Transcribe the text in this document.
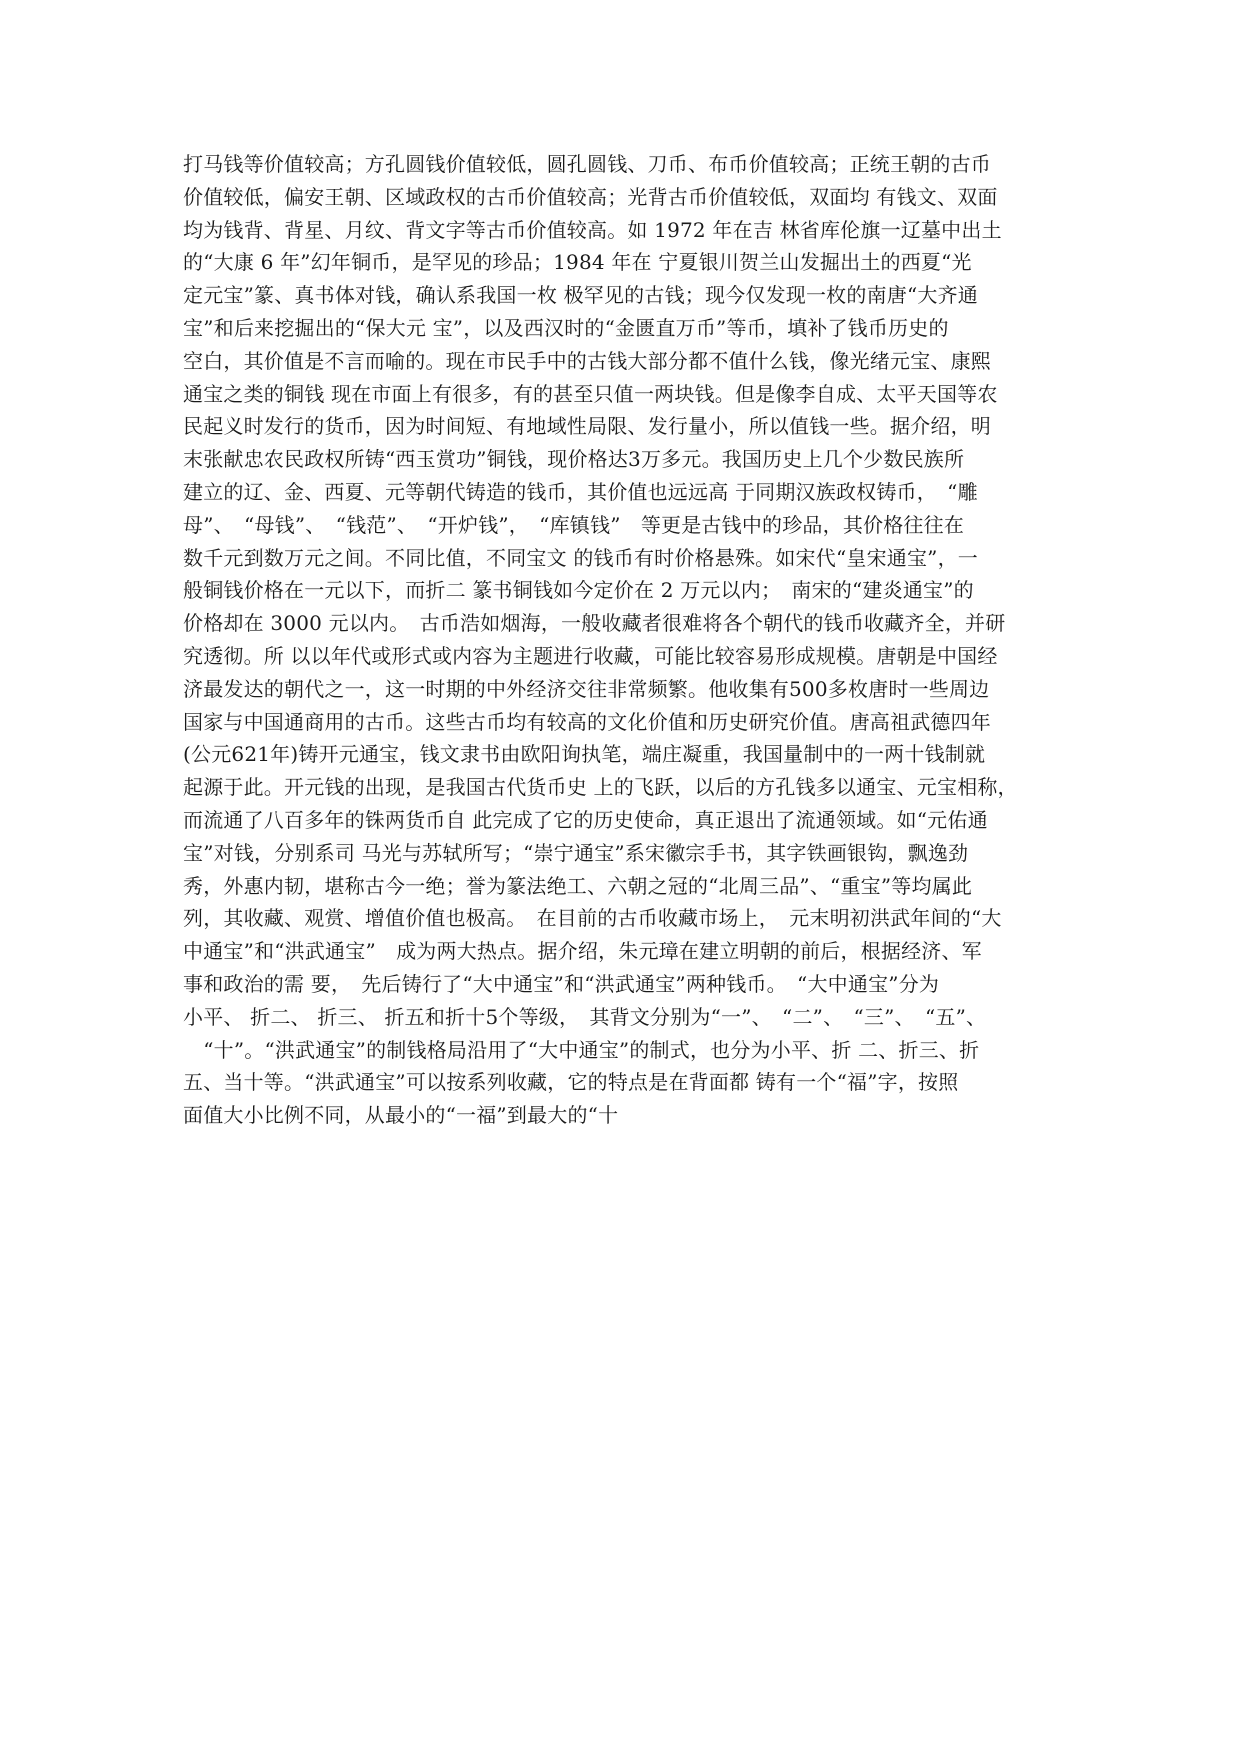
打马钱等价值较高；方孔圆钱价值较低，圆孔圆钱、刀币、布币价值较高；正统王朝的古币
价值较低，偏安王朝、区域政权的古币价值较高；光背古币价值较低，双面均 有钱文、双面
均为钱背、背星、月纹、背文字等古币价值较高。如 1972 年在吉 林省库伦旗一辽墓中出土
的“大康 6 年”幻年铜币，是罕见的珍品；1984 年在 宁夏银川贺兰山发掘出土的西夏“光
定元宝”篆、真书体对钱，确认系我国一枚 极罕见的古钱；现今仅发现一枚的南唐“大齐通
宝”和后来挖掘出的“保大元 宝”，以及西汉时的“金匮直万币”等币，填补了钱币历史的
空白，其价值是不言而喻的。现在市民手中的古钱大部分都不值什么钱，像光绪元宝、康熙
通宝之类的铜钱 现在市面上有很多，有的甚至只值一两块钱。但是像李自成、太平天国等农
民起义时发行的货币，因为时间短、有地域性局限、发行量小，所以值钱一些。据介绍，明
末张献忠农民政权所铸“西玉赏功”铜钱，现价格达3万多元。我国历史上几个少数民族所
建立的辽、金、西夏、元等朝代铸造的钱币，其价值也远远高 于同期汉族政权铸币，　“雕
母”、　“母钱”、　“钱范”、　“开炉钱”，　“库镇钱”　等更是古钱中的珍品，其价格往往在
数千元到数万元之间。不同比值，不同宝文 的钱币有时价格悬殊。如宋代“皇宋通宝”，一
般铜钱价格在一元以下，而折二 篆书铜钱如今定价在 2 万元以内；　南宋的“建炎通宝”的
价格却在 3000 元以内。　古币浩如烟海，一般收藏者很难将各个朝代的钱币收藏齐全，并研
究透彻。所 以以年代或形式或内容为主题进行收藏，可能比较容易形成规模。唐朝是中国经
济最发达的朝代之一，这一时期的中外经济交往非常频繁。他收集有500多枚唐时一些周边
国家与中国通商用的古币。这些古币均有较高的文化价值和历史研究价值。唐高祖武德四年
(公元621年)铸开元通宝，钱文隶书由欧阳询执笔，端庄凝重，我国量制中的一两十钱制就
起源于此。开元钱的出现，是我国古代货币史 上的飞跃，以后的方孔钱多以通宝、元宝相称，
而流通了八百多年的铢两货币自 此完成了它的历史使命，真正退出了流通领域。如“元佑通
宝”对钱，分别系司 马光与苏轼所写；“崇宁通宝”系宋徽宗手书，其字铁画银钩，飘逸劲
秀，外惠内韧，堪称古今一绝；誉为篆法绝工、六朝之冠的“北周三品”、“重宝”等均属此
列，其收藏、观赏、增值价值也极高。　在目前的古币收藏市场上，　元末明初洪武年间的“大
中通宝”和“洪武通宝”　成为两大热点。据介绍，朱元璋在建立明朝的前后，根据经济、军
事和政治的需 要，　先后铸行了“大中通宝”和“洪武通宝”两种钱币。　“大中通宝”分为
小平、 折二、 折三、 折五和折十5个等级，　其背文分别为“一”、　“二”、　“三”、　“五”、
　“十”。“洪武通宝”的制钱格局沿用了“大中通宝”的制式，也分为小平、折 二、折三、折
五、当十等。“洪武通宝”可以按系列收藏，它的特点是在背面都 铸有一个“福”字，按照
面值大小比例不同，从最小的“一福”到最大的“十
